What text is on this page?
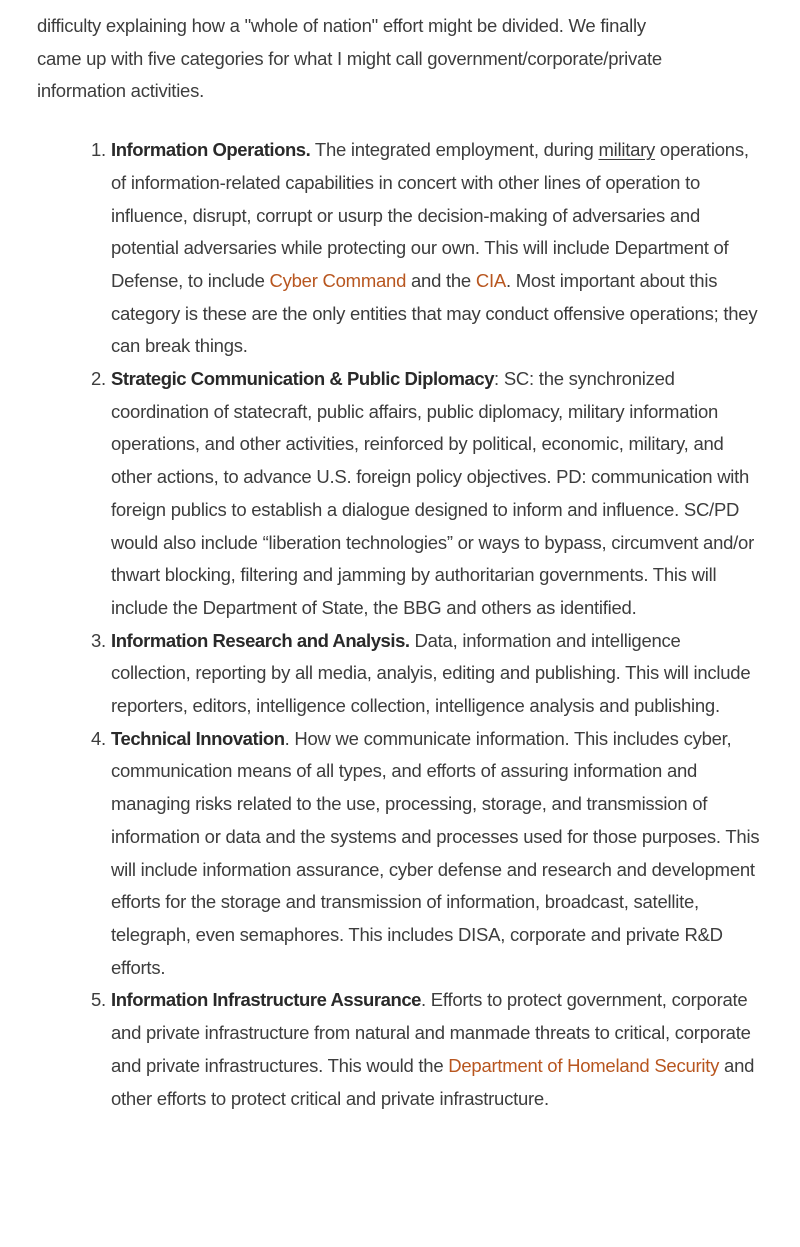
difficulty explaining how a "whole of nation" effort might be divided. We finally
came up with five categories for what I might call government/corporate/private
information activities.

1. Information Operations. The integrated employment, during military operations, of information-related capabilities in concert with other lines of operation to influence, disrupt, corrupt or usurp the decision-making of adversaries and potential adversaries while protecting our own. This will include Department of Defense, to include Cyber Command and the CIA. Most important about this category is these are the only entities that may conduct offensive operations; they can break things.
2. Strategic Communication & Public Diplomacy: SC: the synchronized coordination of statecraft, public affairs, public diplomacy, military information operations, and other activities, reinforced by political, economic, military, and other actions, to advance U.S. foreign policy objectives. PD: communication with foreign publics to establish a dialogue designed to inform and influence. SC/PD would also include “liberation technologies” or ways to bypass, circumvent and/or thwart blocking, filtering and jamming by authoritarian governments. This will include the Department of State, the BBG and others as identified.
3. Information Research and Analysis. Data, information and intelligence collection, reporting by all media, analyis, editing and publishing. This will include reporters, editors, intelligence collection, intelligence analysis and publishing.
4. Technical Innovation. How we communicate information. This includes cyber, communication means of all types, and efforts of assuring information and managing risks related to the use, processing, storage, and transmission of information or data and the systems and processes used for those purposes. This will include information assurance, cyber defense and research and development efforts for the storage and transmission of information, broadcast, satellite, telegraph, even semaphores. This includes DISA, corporate and private R&D efforts.
5. Information Infrastructure Assurance. Efforts to protect government, corporate and private infrastructure from natural and manmade threats to critical, corporate and private infrastructures. This would the Department of Homeland Security and other efforts to protect critical and private infrastructure.
